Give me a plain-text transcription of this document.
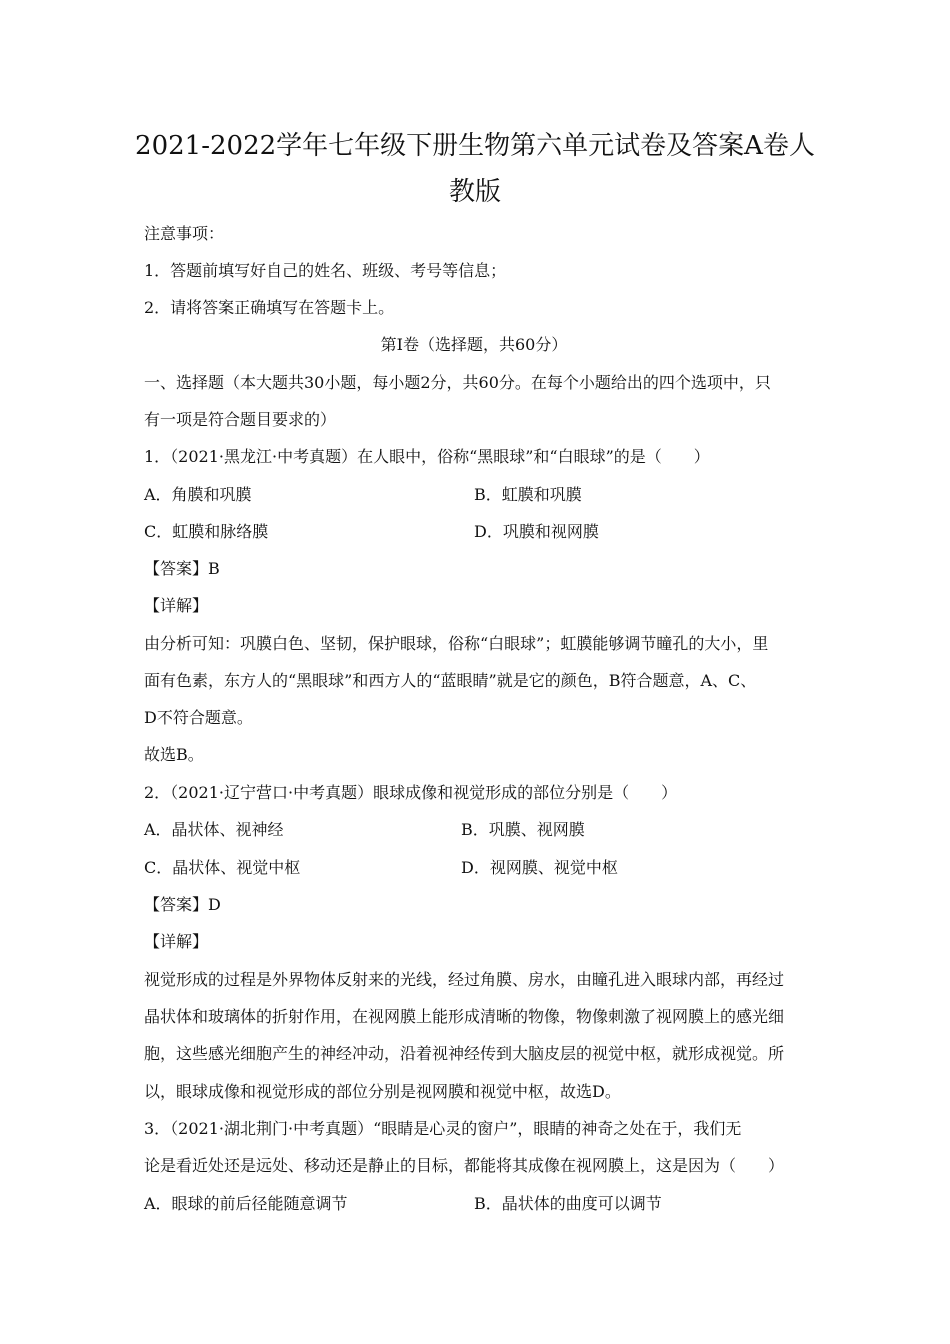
2021-2022学年七年级下册生物第六单元试卷及答案A卷人
教版
注意事项：
1．答题前填写好自己的姓名、班级、考号等信息；
2．请将答案正确填写在答题卡上。
第I卷（选择题，共60分）
一、选择题（本大题共30小题，每小题2分，共60分。在每个小题给出的四个选项中，只
有一项是符合题目要求的）
1．（2021·黑龙江·中考真题）在人眼中，俗称“黑眼球”和“白眼球”的是（　　）
A．角膜和巩膜	B．虹膜和巩膜
C．虹膜和脉络膜	D．巩膜和视网膜
【答案】B
【详解】
由分析可知：巩膜白色、坚韧，保护眼球，俗称“白眼球”；虹膜能够调节瞳孔的大小，里
面有色素，东方人的“黑眼球”和西方人的“蓝眼睛”就是它的颜色，B符合题意，A、C、
D不符合题意。
故选B。
2．（2021·辽宁营口·中考真题）眼球成像和视觉形成的部位分别是（　　）
A．晶状体、视神经	B．巩膜、视网膜
C．晶状体、视觉中枢	D．视网膜、视觉中枢
【答案】D
【详解】
视觉形成的过程是外界物体反射来的光线，经过角膜、房水，由瞳孔进入眼球内部，再经过
晶状体和玻璃体的折射作用，在视网膜上能形成清晰的物像，物像刺激了视网膜上的感光细
胞，这些感光细胞产生的神经冲动，沿着视神经传到大脑皮层的视觉中枢，就形成视觉。所
以，眼球成像和视觉形成的部位分别是视网膜和视觉中枢，故选D。
3．（2021·湖北荆门·中考真题）“眼睛是心灵的窗户”，眼睛的神奇之处在于，我们无
论是看近处还是远处、移动还是静止的目标，都能将其成像在视网膜上，这是因为（　　）
A．眼球的前后径能随意调节	B．晶状体的曲度可以调节
